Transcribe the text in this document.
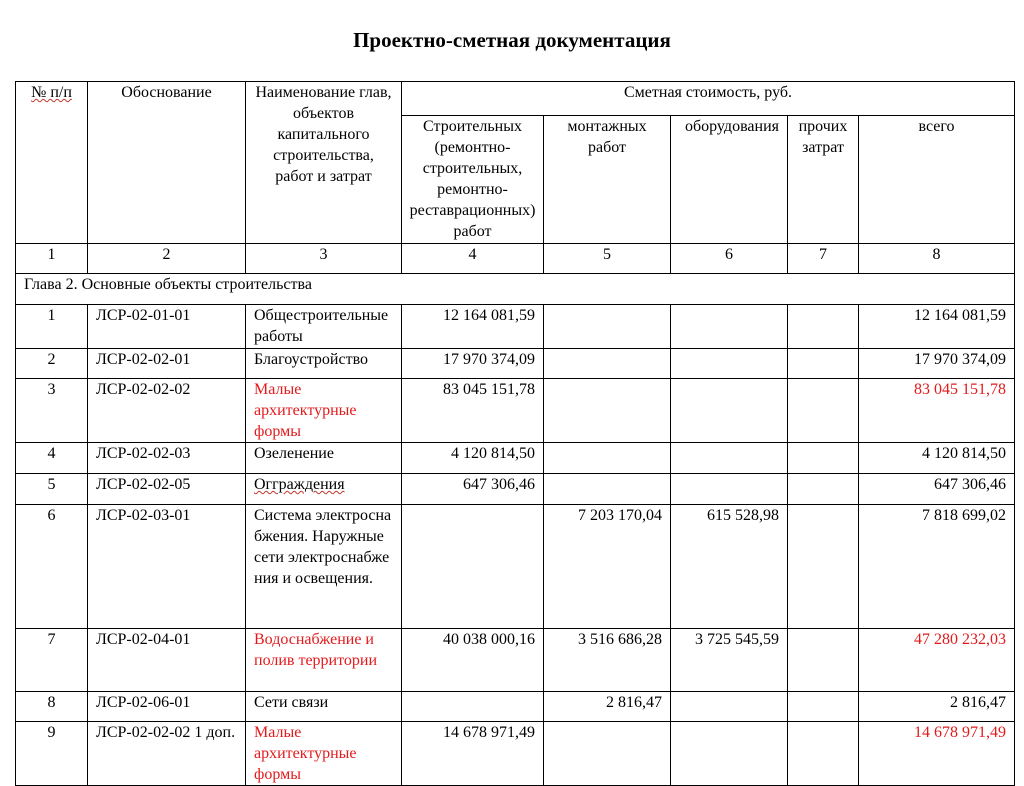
Проектно-сметная документация
№ п/п	Обоснование	Наименование глав, объектов капитального строительства, работ и затрат	Сметная стоимость, руб.				
			Строительных (ремонтно-строительных, ремонтно-реставрационных) работ	монтажных работ	оборудования	прочих затрат	всего
1	2	3	4	5	6	7	8
Глава 2. Основные объекты строительства							
1	ЛСР-02-01-01	Общестроительные работы	12 164 081,59				12 164 081,59
2	ЛСР-02-02-01	Благоустройство	17 970 374,09				17 970 374,09
3	ЛСР-02-02-02	Малые архитектурные формы	83 045 151,78				83 045 151,78
4	ЛСР-02-02-03	Озеленение	4 120 814,50				4 120 814,50
5	ЛСР-02-02-05	Огграждения	647 306,46				647 306,46
6	ЛСР-02-03-01	Система электроснабжения. Наружные сети электроснабжения и освещения.		7 203 170,04	615 528,98		7 818 699,02
7	ЛСР-02-04-01	Водоснабжение и полив территории	40 038 000,16	3 516 686,28	3 725 545,59		47 280 232,03
8	ЛСР-02-06-01	Сети связи		2 816,47			2 816,47
9	ЛСР-02-02-02 1 доп.	Малые архитектурные формы	14 678 971,49				14 678 971,49
